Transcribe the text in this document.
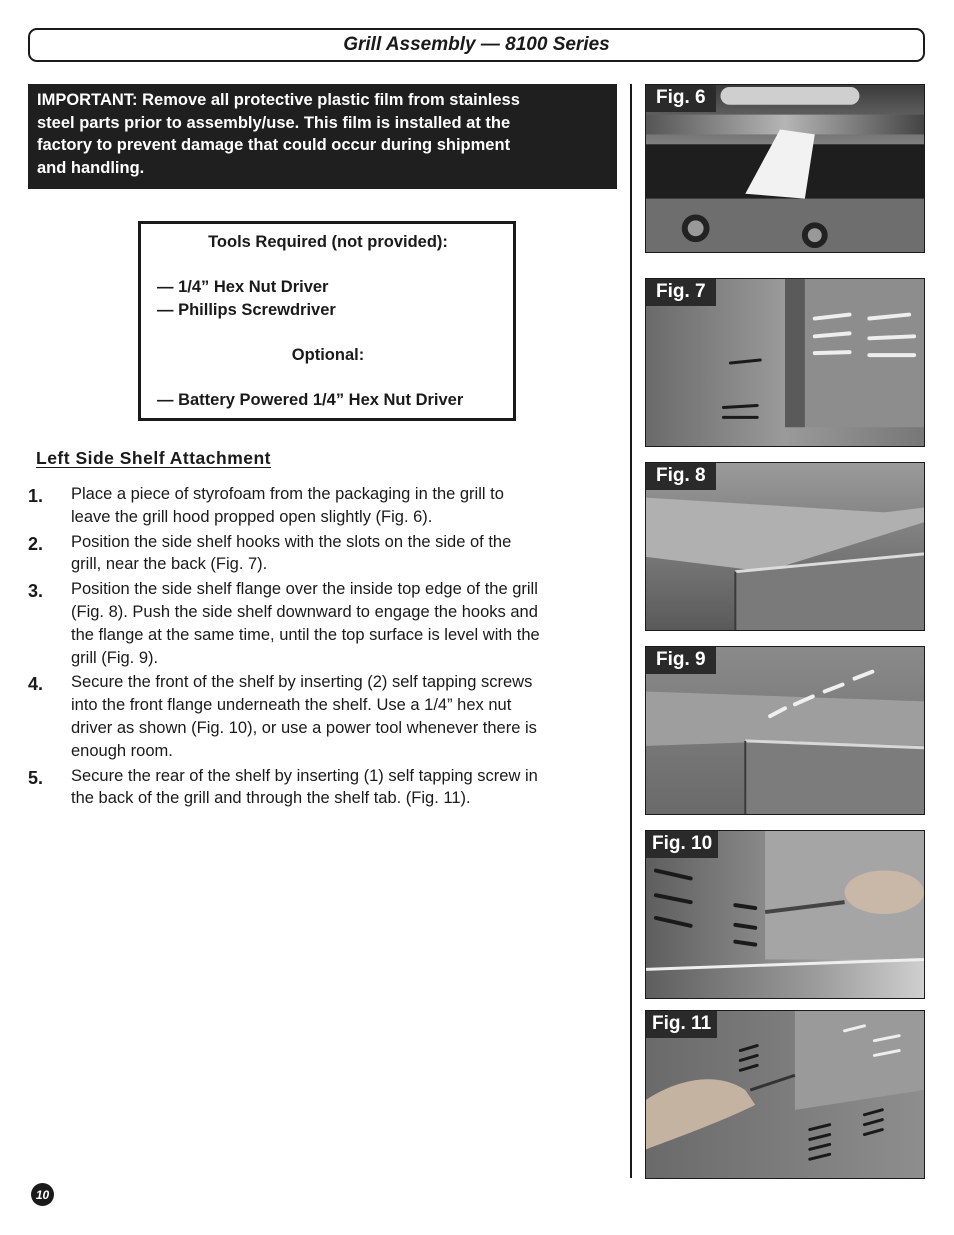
Grill Assembly — 8100 Series
IMPORTANT: Remove all protective plastic film from stainless
steel parts prior to assembly/use. This film is installed at the
factory to prevent damage that could occur during shipment
and handling.
Tools Required (not provided):
— 1/4” Hex Nut Driver
— Phillips Screwdriver
Optional:
— Battery Powered 1/4” Hex Nut Driver
Left Side Shelf Attachment
1.	Place a piece of styrofoam from the packaging in the grill to
leave the grill hood propped open slightly (Fig. 6).
2.	Position the side shelf hooks with the slots on the side of the
grill, near the back (Fig. 7).
3.	Position the side shelf flange over the inside top edge of the grill
(Fig. 8). Push the side shelf downward to engage the hooks and
the flange at the same time, until the top surface is level with the
grill (Fig. 9).
4.	Secure the front of the shelf by inserting (2) self tapping screws
into the front flange underneath the shelf. Use a 1/4” hex nut
driver as shown (Fig. 10), or use a power tool whenever there is
enough room.
5.	Secure the rear of the shelf by inserting (1) self tapping screw in
the back of the grill and through the shelf tab. (Fig. 11).
Fig. 6
Fig. 7
Fig. 8
Fig. 9
Fig. 10
Fig. 11
10
